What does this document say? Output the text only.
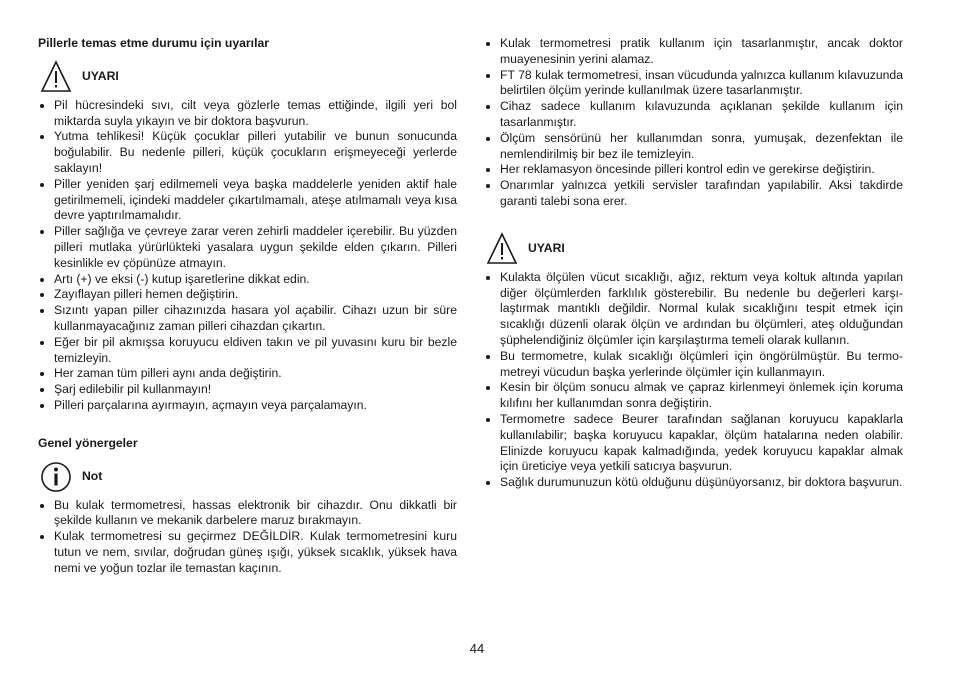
Pillerle temas etme durumu için uyarılar

UYARI
Pil hücresindeki sıvı, cilt veya gözlerle temas ettiğinde, ilgili yeri bol miktarda suyla yıkayın ve bir doktora başvurun.
Yutma tehlikesi! Küçük çocuklar pilleri yutabilir ve bunun sonucunda boğulabilir. Bu nedenle pilleri, küçük çocukların erişmeyeceği yerlerde saklayın!
Piller yeniden şarj edilmemeli veya başka maddelerle yeniden aktif hale getirilmemeli, içindeki maddeler çıkartılmamalı, ateşe atılmamalı veya kısa devre yaptırılmamalıdır.
Piller sağlığa ve çevreye zarar veren zehirli maddeler içerebilir. Bu yüzden pilleri mutlaka yürürlükteki yasalara uygun şekilde elden çıkarın. Pilleri kesinlikle ev çöpünüze atmayın.
Artı (+) ve eksi (-) kutup işaretlerine dikkat edin.
Zayıflayan pilleri hemen değiştirin.
Sızıntı yapan piller cihazınızda hasara yol açabilir. Cihazı uzun bir süre kullanmayacağınız zaman pilleri cihazdan çıkartın.
Eğer bir pil akmışsa koruyucu eldiven takın ve pil yuvasını kuru bir bezle temizleyin.
Her zaman tüm pilleri aynı anda değiştirin.
Şarj edilebilir pil kullanmayın!
Pilleri parçalarına ayırmayın, açmayın veya parçalamayın.

Genel yönergeler

Not
Bu kulak termometresi, hassas elektronik bir cihazdır. Onu dikkatli bir şekilde kullanın ve mekanik darbelere maruz bırakmayın.
Kulak termometresi su geçirmez DEĞİLDİR. Kulak termometresini kuru tutun ve nem, sıvılar, doğrudan güneş ışığı, yüksek sıcaklık, yüksek hava nemi ve yoğun tozlar ile temastan kaçının.
Kulak termometresi pratik kullanım için tasarlanmıştır, ancak doktor muayenesinin yerini alamaz.
FT 78 kulak termometresi, insan vücudunda yalnızca kullanım kılavuzunda belirtilen ölçüm yerinde kullanılmak üzere tasarlanmıştır.
Cihaz sadece kullanım kılavuzunda açıklanan şekilde kullanım için tasarlanmıştır.
Ölçüm sensörünü her kullanımdan sonra, yumuşak, dezenfektan ile nemlendirilmiş bir bez ile temizleyin.
Her reklamasyon öncesinde pilleri kontrol edin ve gerekirse değiştirin.
Onarımlar yalnızca yetkili servisler tarafından yapılabilir. Aksi takdirde garanti talebi sona erer.
UYARI
Kulakta ölçülen vücut sıcaklığı, ağız, rektum veya koltuk altında yapılan diğer ölçümlerden farklılık gösterebilir. Bu nedenle bu değerleri karşılaştırmak mantıklı değildir. Normal kulak sıcaklığını tespit etmek için sıcaklığı düzenli olarak ölçün ve ardından bu ölçümleri, ateş olduğundan şüphelendiğiniz ölçümler için karşılaştırma temeli olarak kullanın.
Bu termometre, kulak sıcaklığı ölçümleri için öngörülmüştür. Bu termometreyi vücudun başka yerlerinde ölçümler için kullanmayın.
Kesin bir ölçüm sonucu almak ve çapraz kirlenmeyi önlemek için koruma kılıfını her kullanımdan sonra değiştirin.
Termometre sadece Beurer tarafından sağlanan koruyucu kapaklarla kullanılabilir; başka koruyucu kapaklar, ölçüm hatalarına neden olabilir. Elinizde koruyucu kapak kalmadığında, yedek koruyucu kapaklar almak için üreticiye veya yetkili satıcıya başvurun.
Sağlık durumunuzun kötü olduğunu düşünüyorsanız, bir doktora başvurun.
44
